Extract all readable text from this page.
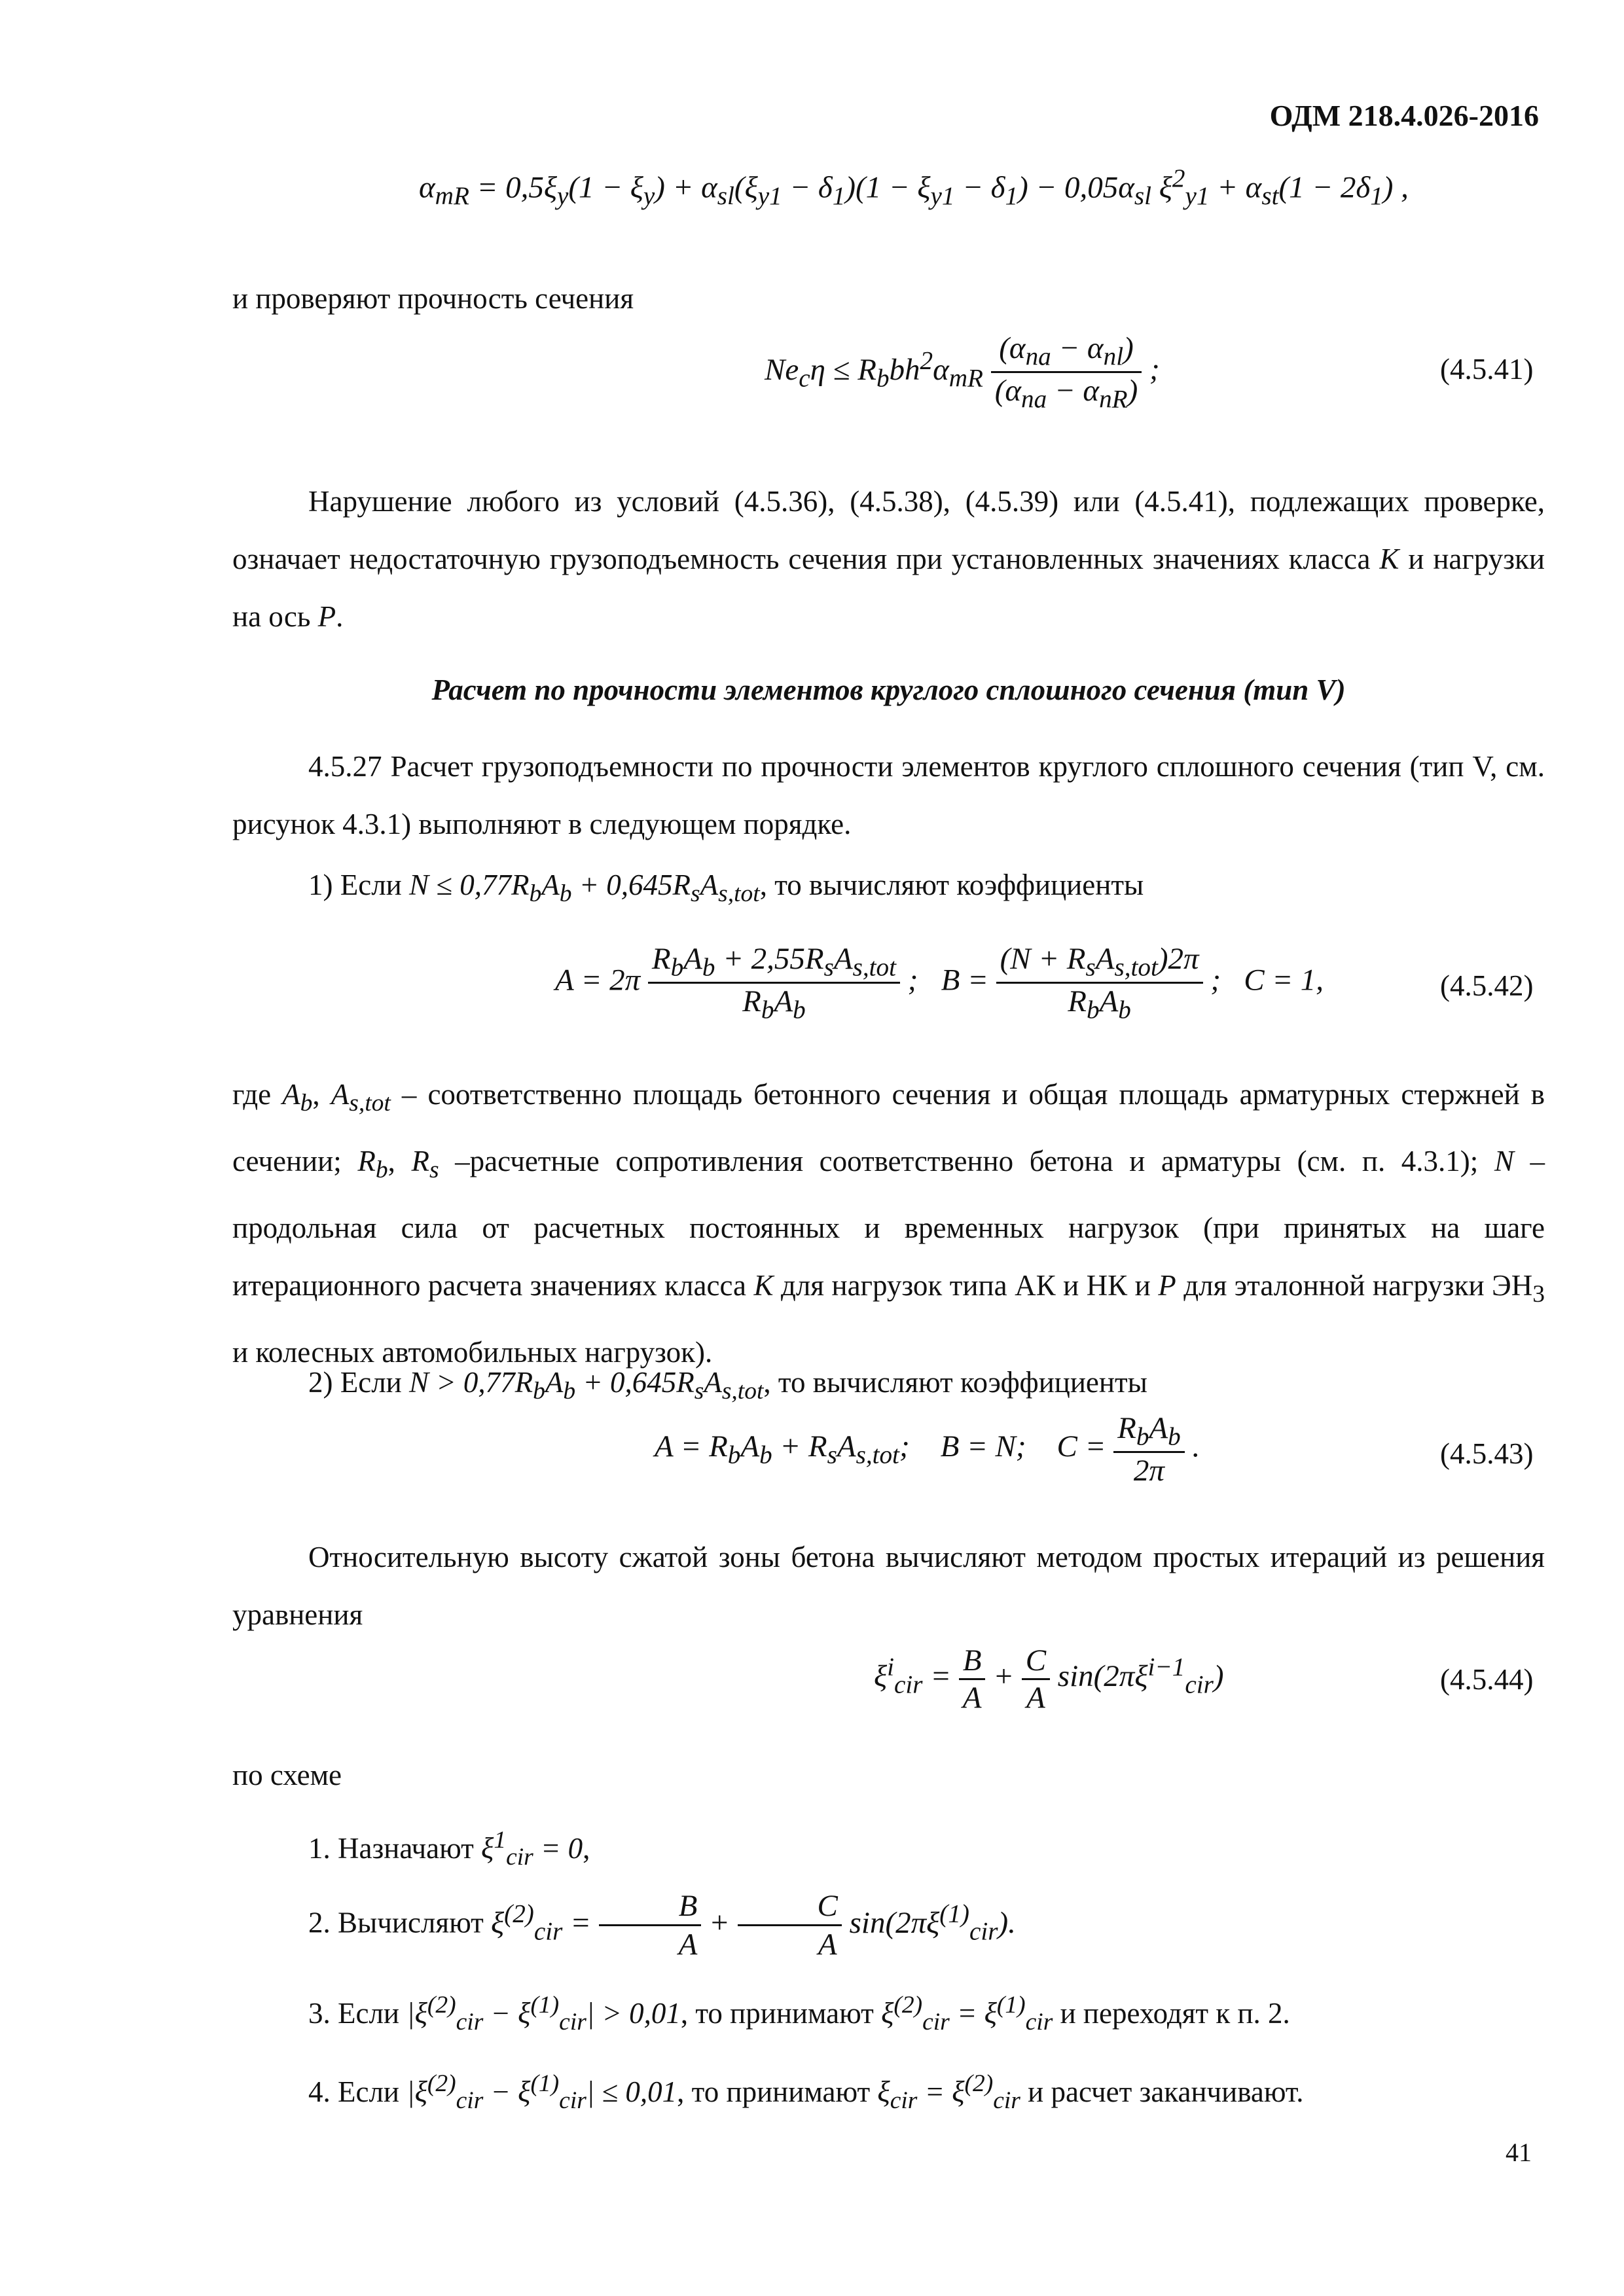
ОДМ 218.4.026-2016
$\alpha_{mR} = 0,5\xi_y(1 - \xi_y) + \alpha_{sl}(\xi_{y1} - \delta_1)(1 - \xi_{y1} - \delta_1) - 0,05\alpha_{sl}$ $\xi^2_{y1} + \alpha_{st}(1 - 2\delta_1)$ ,
и проверяют прочность сечения
$Ne_c\eta \le R_bbh^2\alpha_{mR} \frac{(\alpha_{na} - \alpha_{nl})}{(\alpha_{na} - \alpha_{nR})}$ ;	(4.5.41)
Нарушение любого из условий (4.5.36), (4.5.38), (4.5.39) или (4.5.41), подлежащих проверке, означает недостаточную грузоподъемность сечения при установленных значениях класса K и нагрузки на ось P.
Расчет по прочности элементов круглого сплошного сечения (тип V)
4.5.27 Расчет грузоподъемности по прочности элементов круглого сплошного сечения (тип V, см. рисунок 4.3.1) выполняют в следующем порядке.
1) Если $N \le 0,77R_bA_b + 0,645R_sA_{s,tot}$, то вычисляют коэффициенты
$A = 2\pi \frac{R_bA_b + 2,55R_sA_{s,tot}}{R_bA_b}$ ;   $B = \frac{(N + R_sA_{s,tot})2\pi}{R_bA_b}$ ;   C = 1,	(4.5.42)
где $A_b$, $A_{s,tot}$ – соответственно площадь бетонного сечения и общая площадь арматурных стержней в сечении; $R_b$, $R_s$ –расчетные сопротивления соответственно бетона и арматуры (см. п. 4.3.1); N – продольная сила от расчетных постоянных и временных нагрузок (при принятых на шаге итерационного расчета значениях класса K для нагрузок типа АК и НК и P для эталонной нагрузки $ЭН_3$ и колесных автомобильных нагрузок).
2) Если $N > 0,77R_bA_b + 0,645R_sA_{s,tot}$, то вычисляют коэффициенты
$A = R_bA_b + R_sA_{s,tot}$;    B = N;    $C = \frac{R_bA_b}{2\pi}$ .	(4.5.43)
Относительную высоту сжатой зоны бетона вычисляют методом простых итераций из решения уравнения
$\xi^i_{cir} = \frac{B}{A} + \frac{C}{A} \sin(2\pi\xi^{i-1}_{cir})$	(4.5.44)
по схеме
1. Назначают $\xi^1_{cir} = 0$,
2. Вычисляют $\xi^{(2)}_{cir} = \frac{B}{A} + \frac{C}{A} \sin(2\pi\xi^{(1)}_{cir})$.
3. Если $|\xi^{(2)}_{cir} - \xi^{(1)}_{cir}| > 0,01$, то принимают $\xi^{(2)}_{cir} = \xi^{(1)}_{cir}$ и переходят к п. 2.
4. Если $|\xi^{(2)}_{cir} - \xi^{(1)}_{cir}| \le 0,01$, то принимают $\xi_{cir} = \xi^{(2)}_{cir}$ и расчет заканчивают.
41
